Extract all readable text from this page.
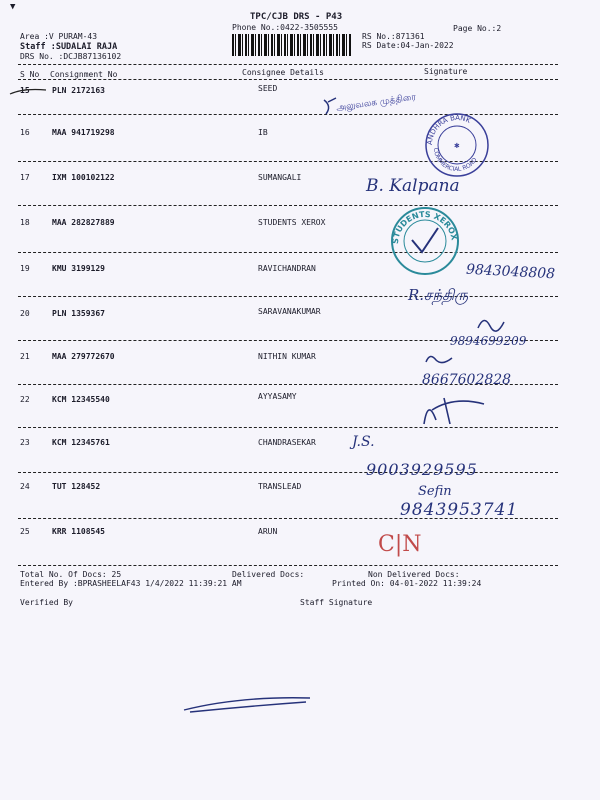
▼
TPC/CJB DRS - P43
Phone No.:0422-3505555	Page No.:2
Area :V PURAM-43
Staff :SUDALAI RAJA
DRS No. :DCJB87136102
RS No.:871361
RS Date:04-Jan-2022
S No Consignment No	Consignee Details	Signature
15	PLN 2172163	SEED
16	MAA 941719298	IB
17	IXM 100102122	SUMANGALI
18	MAA 282827889	STUDENTS XEROX
19	KMU 3199129	RAVICHANDRAN
20	PLN 1359367	SARAVANAKUMAR
21	MAA 279772670	NITHIN KUMAR
22	KCM 12345540	AYYASAMY
23	KCM 12345761	CHANDRASEKAR
24	TUT 128452	TRANSLEAD
25	KRR 1108545	ARUN
ANDHRA BANK
COMMERCIAL ROAD
✱
அலுவலக முத்திரை
STUDENTS XEROX
B. Kalpana
9843048808
R.சந்திரு
9894699209
8667602828
J.S.
9003929595
Sefin
9843953741
C|N
Total No. Of Docs: 25	Delivered Docs:	Non Delivered Docs:
Entered By :BPRASHEELAF43 1/4/2022 11:39:21 AM	Printed On: 04-01-2022 11:39:24
Verified By	Staff Signature
